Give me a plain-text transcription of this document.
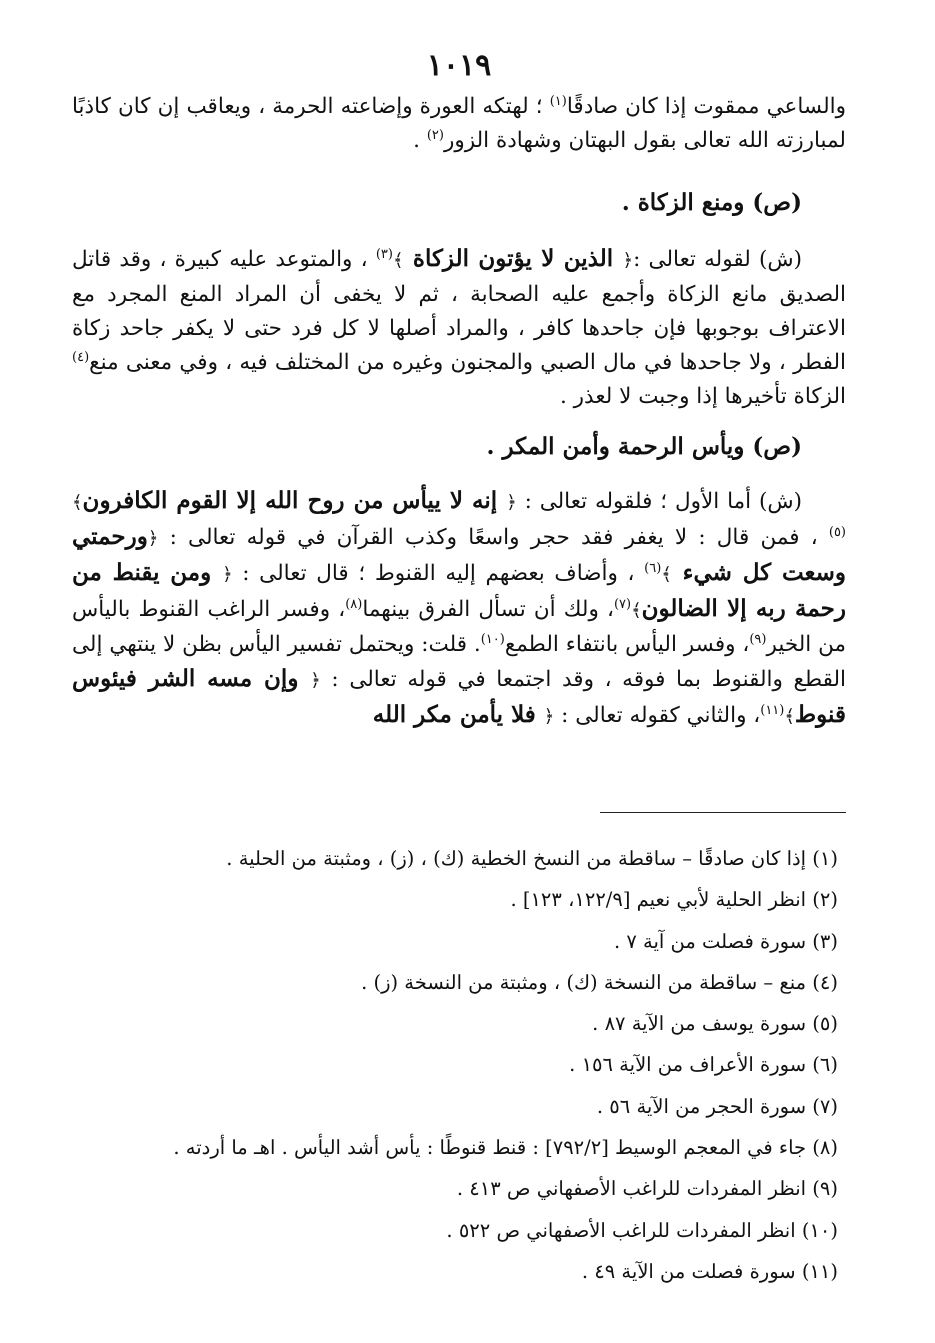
١٠١٩

والساعي ممقوت إذا كان صادقًا$^{(١)}$ ؛ لهتكه العورة وإضاعته الحرمة ، ويعاقب إن كان كاذبًا لمبارزته الله تعالى بقول البهتان وشهادة الزور$^{(٢)}$ .

(ص) ومنع الزكاة .

(ش) لقوله تعالى :﴿ الذين لا يؤتون الزكاة ﴾$^{(٣)}$ ، والمتوعد عليه كبيرة ، وقد قاتل الصديق مانع الزكاة وأجمع عليه الصحابة ، ثم لا يخفى أن المراد المنع المجرد مع الاعتراف بوجوبها فإن جاحدها كافر ، والمراد أصلها لا كل فرد حتى لا يكفر جاحد زكاة الفطر ، ولا جاحدها في مال الصبي والمجنون وغيره من المختلف فيه ، وفي معنى منع$^{(٤)}$ الزكاة تأخيرها إذا وجبت لا لعذر .

(ص) ويأس الرحمة وأمن المكر .

(ش) أما الأول ؛ فلقوله تعالى : ﴿ إنه لا ييأس من روح الله إلا القوم الكافرون﴾$^{(٥)}$ ، فمن قال : لا يغفر فقد حجر واسعًا وكذب القرآن في قوله تعالى : ﴿ورحمتي وسعت كل شيء ﴾$^{(٦)}$ ، وأضاف بعضهم إليه القنوط ؛ قال تعالى : ﴿ ومن يقنط من رحمة ربه إلا الضالون﴾$^{(٧)}$، ولك أن تسأل الفرق بينهما$^{(٨)}$، وفسر الراغب القنوط باليأس من الخير$^{(٩)}$، وفسر اليأس بانتفاء الطمع$^{(١٠)}$. قلت: ويحتمل تفسير اليأس بظن لا ينتهي إلى القطع والقنوط بما فوقه ، وقد اجتمعا في قوله تعالى : ﴿ وإن مسه الشر فيئوس قنوط﴾$^{(١١)}$، والثاني كقوله تعالى : ﴿ فلا يأمن مكر الله

(١) إذا كان صادقًا – ساقطة من النسخ الخطية (ك) ، (ز) ، ومثبتة من الحلية .

(٢) انظر الحلية لأبي نعيم [١٢٢/٩، ١٢٣] .

(٣) سورة فصلت من آية ٧ .

(٤) منع – ساقطة من النسخة (ك) ، ومثبتة من النسخة (ز) .

(٥) سورة يوسف من الآية ٨٧ .

(٦) سورة الأعراف من الآية ١٥٦ .

(٧) سورة الحجر من الآية ٥٦ .

(٨) جاء في المعجم الوسيط [٧٩٢/٢] : قنط قنوطًا : يأس أشد اليأس . اهـ ما أردته .

(٩) انظر المفردات للراغب الأصفهاني ص ٤١٣ .

(١٠) انظر المفردات للراغب الأصفهاني ص ٥٢٢ .

(١١) سورة فصلت من الآية ٤٩ .
